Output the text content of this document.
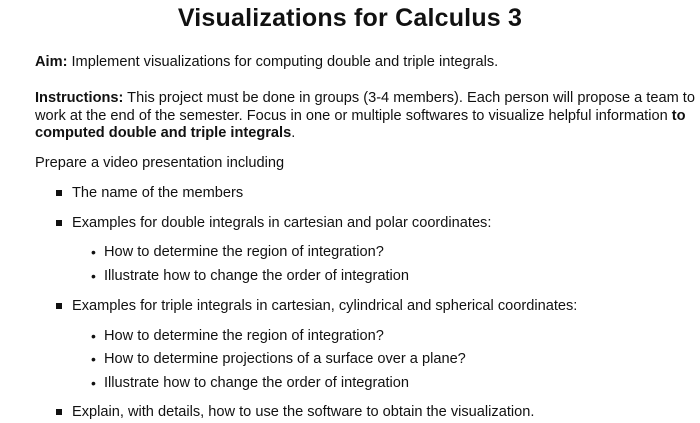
Visualizations for Calculus 3
Aim: Implement visualizations for computing double and triple integrals.
Instructions: This project must be done in groups (3-4 members). Each person will propose a team to work at the end of the semester. Focus in one or multiple softwares to visualize helpful information to computed double and triple integrals.
Prepare a video presentation including
The name of the members
Examples for double integrals in cartesian and polar coordinates:
• How to determine the region of integration?
• Illustrate how to change the order of integration
Examples for triple integrals in cartesian, cylindrical and spherical coordinates:
• How to determine the region of integration?
• How to determine projections of a surface over a plane?
• Illustrate how to change the order of integration
Explain, with details, how to use the software to obtain the visualization.
